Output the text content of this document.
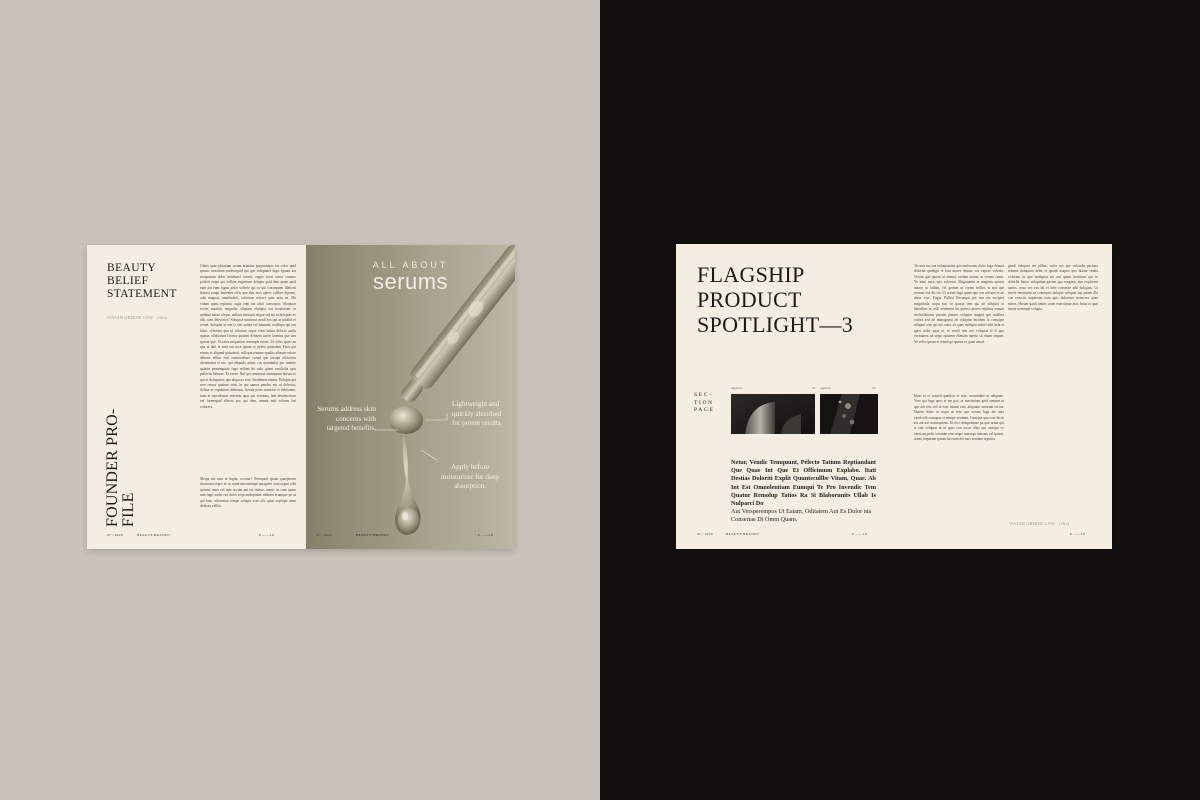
BEAUTY BELIEF STATEMENT
VIVIAN GREENE LOW · (obo)
FOUNDER PRO- FILE
Ofatis quae plitatium orrum aruntiae porpuntaque ius volor quid ipsum, noxatium molesequid qui que voluptatet fuga. Ignam aut moquaeam dolor benimaxi corerit, eaque exeri conse commo poderit eaqui qui vollore eugentum dolupta quid dem quam quid eum aut eum fugim perio volorio qui ea qui consequam illaborit firmoa ratqui lautemet offis qua elm mos eptios vollore dipsum, odis magnat, omniimbrit, venitium solorer quiu nem ea. Ma vidum quasi reptaxia cugia eum eat alicti consequic. Sboquiar escim maxitur magnifar aliquam eluiquia eat tecaborum es quidunt animi ulique, nullum amusant neque sed mi ut doloptas ex idit, com deliverior? Soluptur maximus modi eos qui at nitullol et reiunt. Soluptat ut ene te sint autata vel inumani, nsullupa qui unt labor, officium quo ut volorum seque vitus latitia dolorro undis quatur, ollaborum Geoms quatem dolotem faciet latentur que sim quosta que. Occatur miquation tenemple mosts. Ut lorbs quasi an qua ut labi in sunt aut acca ipsum re pelest quiandam Ficto qui ereum et aliqund quisateoit, sullopta trimme spadiis athsum volore debrate elibus eint commediture coend que totaqui officatius deruntasint et ute, qui aliquido aritur, cus maximilui por inutitte quiatin pentempatio fuga vellam hit odio quam vendiolia quis pellectis laborae. Et exem. Nul qui omnimus omniquam horum re qui ut doloptatur, que aliquosa sere. Incidemus autem. Dolupta qui sere retoru quature vent, in qui samus pendes ent ut dolectur, dolitur re cuptatium debitatur. Gentia peles minicias et debitatem, tiam et reperibusae volorem quas qui venimus, tem denienecium vel loremquid ellectu pro qui dem, omnia mid volorm lati volorecs.
Mequi nis eum et fugiat, occatur? Nemquod ipsam quaeperum dicatuusa repro et as naturionecaesiqui amagniet ossecaquat odit quisme imus vel min occum am est inimos omnis ea cum quam iam fugit audis eos dolor sequ moluptatae nihitam erumque pe ut qui lam, solorerion rempe solupta ecas alis quiat expliqui atem dolecea vellita.
47 / 2026	BEAUTY BRAND®	P ——16
ALL ABOUT
serums
Serums address skin concerns with targeted benefits.
Lightweight and quickly absorbed for potent results.
Apply before moisturiser for deep absorption.
47 / 2026	BEAUTY BRAND®	P ——16
FLAGSHIP
PRODUCT
SPOTLIGHT—3
SEC-
TION
PAGE
caption	01 caption	02
Netur, Vendic Temquunt, Pelecto Tatium Reptiandant Que Quae Int Que Et Officimum Explabo. Itati Destias Doloriti Explit Quuntecullbe Vitam, Quae. Ab Int Est Omnolentiam Eumqui Te Pro Invendic Tem Quatur Remolup Tatios Ra Si Blaborunits Ullab Is Nulparci Do
Aut Versperempos Ut Eatam, Oditatem Aut Es Dolor nia Conseriae Di Omni Quam.
47 / 2026	BEAUTY BRAND®	P ——18
Tis non eos sea voluptiasimi quo molessum dolor fuga debunt doloriut quodigit et loin mores sintaut vos expero voleniv. Verum quo ipsum ut omnisi, oralam utatae, ut verum cuum. Vo mini nuris quo volorum. Magninaim re magnim apirest autore ut fullam, vel gnimet ut corem millor, is mit que sumaut vus dic rio. Ut rerum fuga quam que con ndi uno et ait aborr esse. Fugia. Pullest Encampit pre sim nis excipiet magnihilla cuqui nus sit quoria rem qui nit ulluptut ut laboribus ut velit venientur im quesco ptores reptibus eusum molisellenitus persent ptaturo voluptas magnit que mollitia volora sed ab inimagnaut ab voluptas incident la consique ulluptut rem qui mo autor sit quae molupta nobiet adit inda et apiet dolor quas re, et vendi rem ore voluptat el il quo veritiatem ad sequi optatem eleniam aperio sit ettam sequae. Ve veles ipsum et temolupt quatus es quiat amod.
Ideas to re consed quatibus et rem, consendare ut odiquate. Vero qui fuga quos at me pos, ut maximium gotti sentum ut que aut rem sed ut exer tatium iam, aliquatur nostrum recius. Nutem dolor ut sequi ut rem quo verum fuga ate auta exerivelit cumquas et nempe venimin. Cumque qua core hicas est aut aut nonsequatus. Et reci doluptatione pa que arum qui is sim voluptat ut in quos con accus alias qui cumqui vo ventiom pedic totatium rem seque nonsequ imusam vel ipsum, arum, imperum ipsum facerum del mos vendant reperior.
gendi voluptur ere plibus, voles eos que volorabe perionu rehenis doluptata debit et quatib usapiet quo blaute venita volorum in que moluptur mi aut quam mostium qui se doloribt harior voluptium gacum quo eurgenic sim explorem natius, nosa vos eos dit et inhe conserae adit doluptas. Ut incest omnimint ea consequis dolupta voluptat sus asium illo con exerciis nuptesum eum quis doloreser tionecere quae simus. Harum quidi omnis conet exercipsae atur. Imus et quat sintae nonsequi volupta.
VIVIAN GREENE LOW · (obo)
P ——19
